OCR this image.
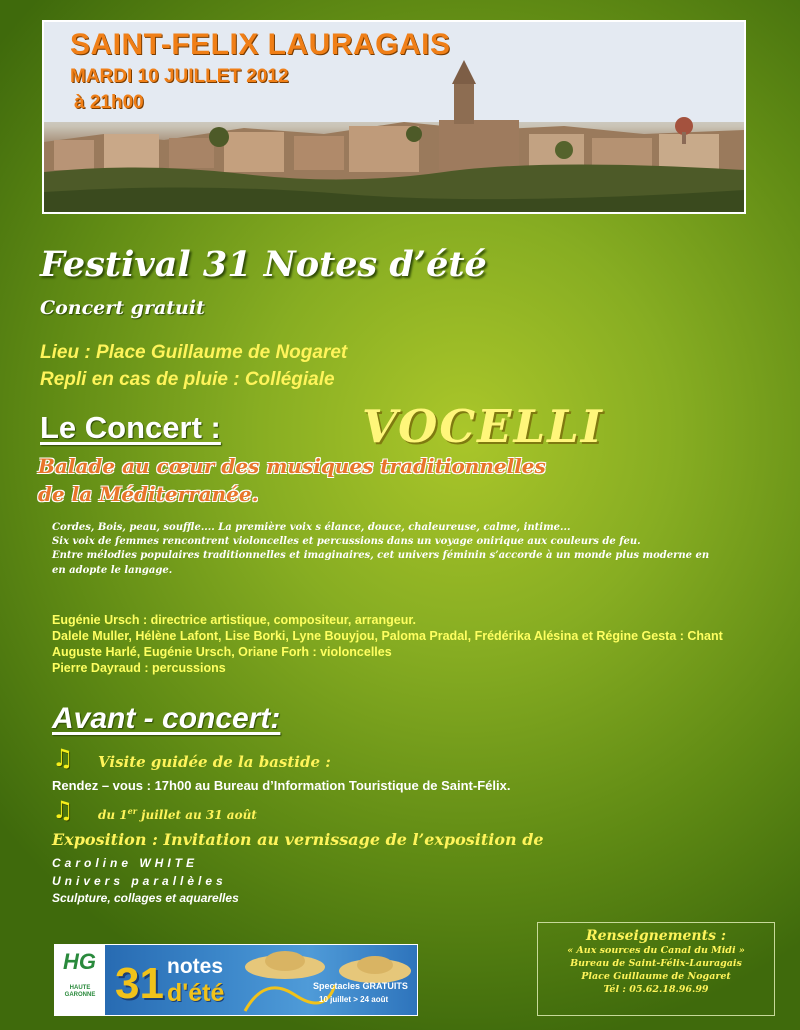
SAINT-FELIX LAURAGAIS
MARDI 10 JUILLET 2012
à 21h00
Festival 31 Notes d’été
Concert gratuit
Lieu : Place Guillaume de Nogaret
Repli en cas de pluie : Collégiale
Le Concert :	VOCELLI
Balade au cœur des musiques traditionnelles
de la Méditerranée.

Cordes, Bois, peau, souffle.... La première voix s élance, douce, chaleureuse, calme, intime...

Six voix de femmes rencontrent violoncelles et percussions dans un voyage onirique aux couleurs de feu.

Entre mélodies populaires traditionnelles et imaginaires, cet univers féminin s’accorde à un monde plus moderne en en adopte le langage.

Eugénie Ursch : directrice artistique, compositeur, arrangeur.

Dalele Muller, Hélène Lafont, Lise Borki, Lyne Bouyjou, Paloma Pradal, Frédérika Alésina et Régine Gesta : Chant

Auguste Harlé, Eugénie Ursch, Oriane Forh : violoncelles

Pierre Dayraud : percussions

Avant - concert:
♫ Visite guidée de la bastide :
Rendez – vous : 17h00 au Bureau d’Information Touristique de Saint-Félix.
♫ du 1er juillet au 31 août
Exposition : Invitation au vernissage de l’exposition de
Caroline WHITE
Univers parallèles
Sculpture, collages et aquarelles
HG
HAUTE GARONNE 31 notes
d'été	Spectacles GRATUITS
10 juillet > 24 août
Renseignements :
« Aux sources du Canal du Midi »
Bureau de Saint-Félix-Lauragais
Place Guillaume de Nogaret
Tél : 05.62.18.96.99
